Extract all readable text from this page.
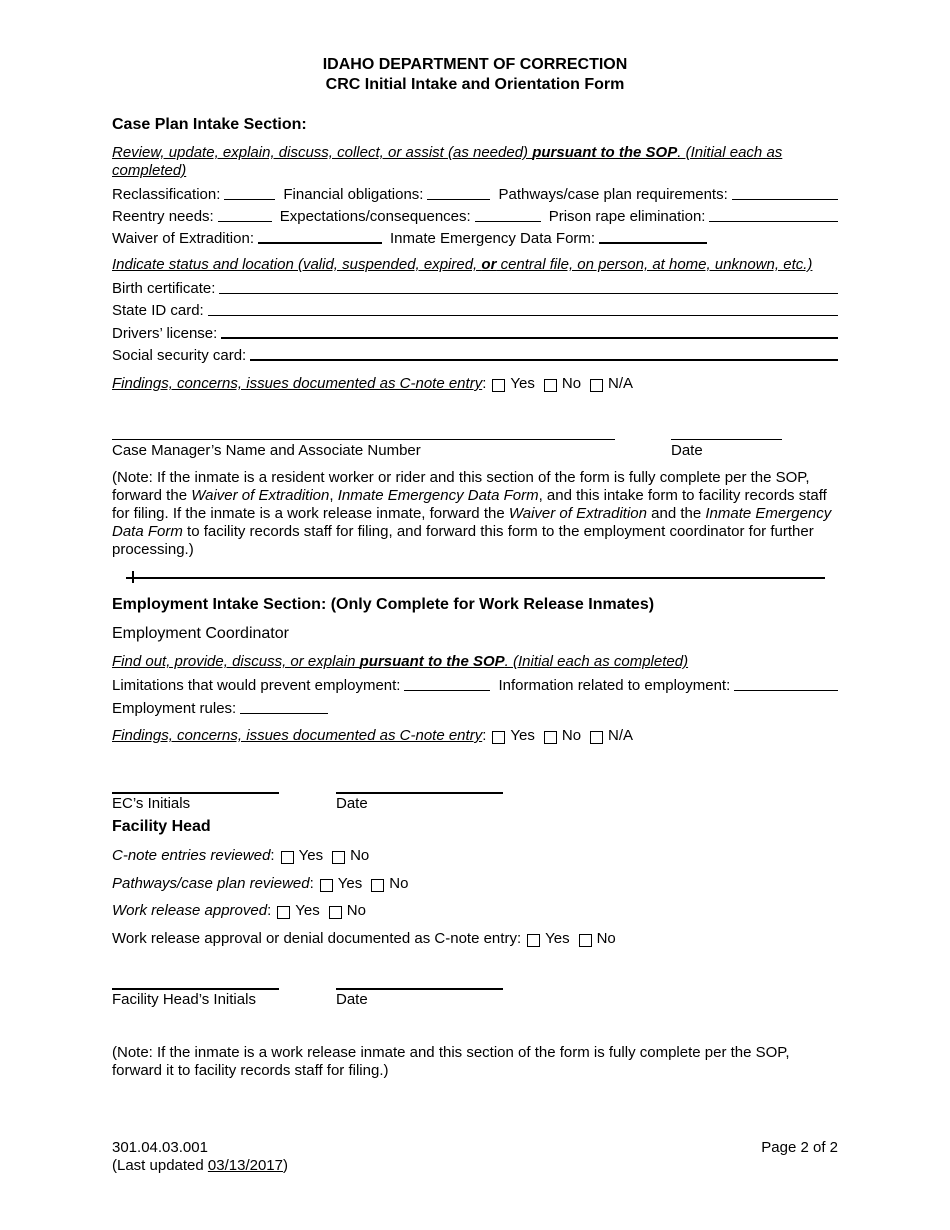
IDAHO DEPARTMENT OF CORRECTION
CRC Initial Intake and Orientation Form
Case Plan Intake Section:
Review, update, explain, discuss, collect, or assist (as needed) pursuant to the SOP. (Initial each as completed)
Reclassification:	Financial obligations:	Pathways/case plan requirements:
Reentry needs:	Expectations/consequences:	Prison rape elimination:
Waiver of Extradition:	Inmate Emergency Data Form:
Indicate status and location (valid, suspended, expired, or central file, on person, at home, unknown, etc.)
Birth certificate:
State ID card:
Drivers’ license:
Social security card:
Findings, concerns, issues documented as C-note entry : Yes No N/A
Case Manager’s Name and Associate Number	Date
(Note: If the inmate is a resident worker or rider and this section of the form is fully complete per the SOP, forward the Waiver of Extradition, Inmate Emergency Data Form, and this intake form to facility records staff for filing. If the inmate is a work release inmate, forward the Waiver of Extradition and the Inmate Emergency Data Form to facility records staff for filing, and forward this form to the employment coordinator for further processing.)
Employment Intake Section: (Only Complete for Work Release Inmates)
Employment Coordinator
Find out, provide, discuss, or explain pursuant to the SOP. (Initial each as completed)
Limitations that would prevent employment:	Information related to employment:
Employment rules:
Findings, concerns, issues documented as C-note entry : Yes No N/A
EC’s Initials	Date
Facility Head
C-note entries reviewed : Yes No
Pathways/case plan reviewed : Yes No
Work release approved : Yes No
Work release approval or denial documented as C-note entry: Yes No
Facility Head’s Initials	Date
(Note: If the inmate is a work release inmate and this section of the form is fully complete per the SOP, forward it to facility records staff for filing.)
301.04.03.001
(Last updated 03/13/2017)
Page 2 of 2
